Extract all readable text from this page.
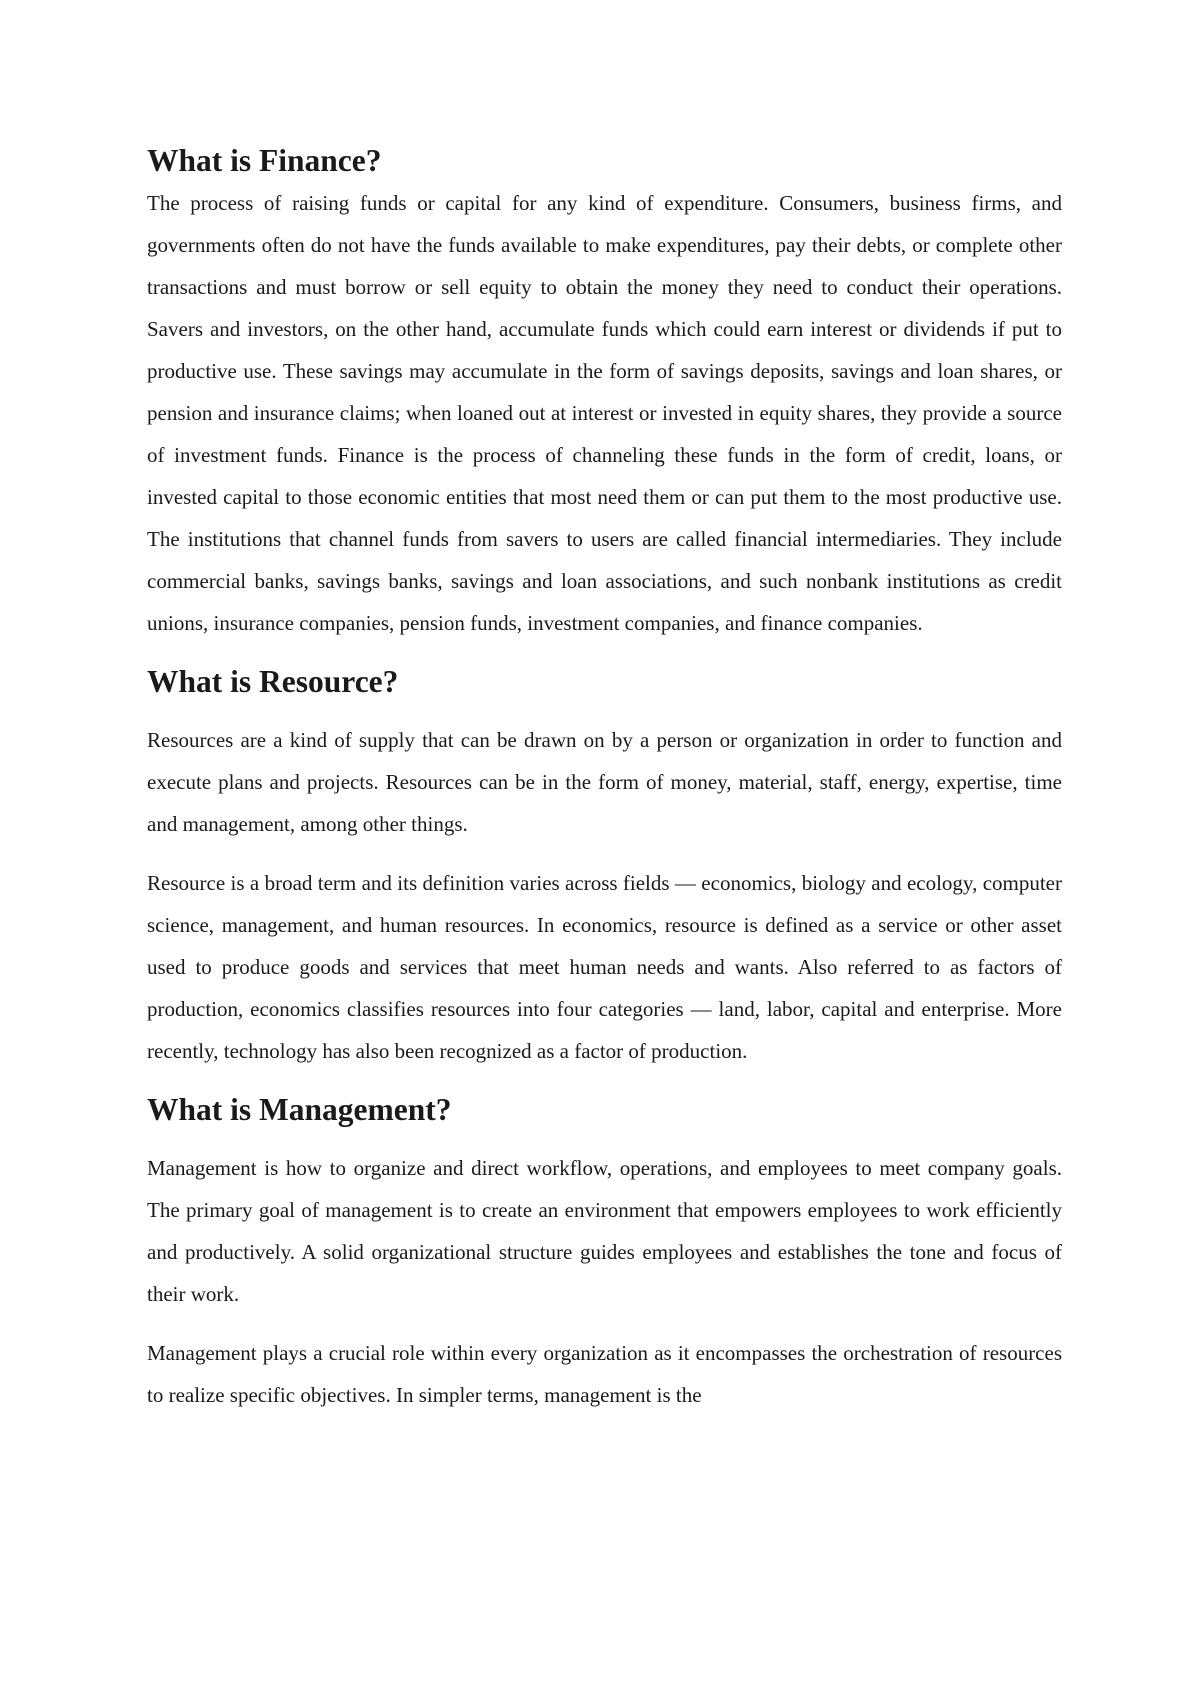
What is Finance?

The process of raising funds or capital for any kind of expenditure. Consumers, business firms, and governments often do not have the funds available to make expenditures, pay their debts, or complete other transactions and must borrow or sell equity to obtain the money they need to conduct their operations. Savers and investors, on the other hand, accumulate funds which could earn interest or dividends if put to productive use. These savings may accumulate in the form of savings deposits, savings and loan shares, or pension and insurance claims; when loaned out at interest or invested in equity shares, they provide a source of investment funds. Finance is the process of channeling these funds in the form of credit, loans, or invested capital to those economic entities that most need them or can put them to the most productive use. The institutions that channel funds from savers to users are called financial intermediaries. They include commercial banks, savings banks, savings and loan associations, and such nonbank institutions as credit unions, insurance companies, pension funds, investment companies, and finance companies.

What is Resource?

Resources are a kind of supply that can be drawn on by a person or organization in order to function and execute plans and projects. Resources can be in the form of money, material, staff, energy, expertise, time and management, among other things.

Resource is a broad term and its definition varies across fields — economics, biology and ecology, computer science, management, and human resources. In economics, resource is defined as a service or other asset used to produce goods and services that meet human needs and wants. Also referred to as factors of production, economics classifies resources into four categories — land, labor, capital and enterprise. More recently, technology has also been recognized as a factor of production.

What is Management?

Management is how to organize and direct workflow, operations, and employees to meet company goals. The primary goal of management is to create an environment that empowers employees to work efficiently and productively. A solid organizational structure guides employees and establishes the tone and focus of their work.

Management plays a crucial role within every organization as it encompasses the orchestration of resources to realize specific objectives. In simpler terms, management is the
